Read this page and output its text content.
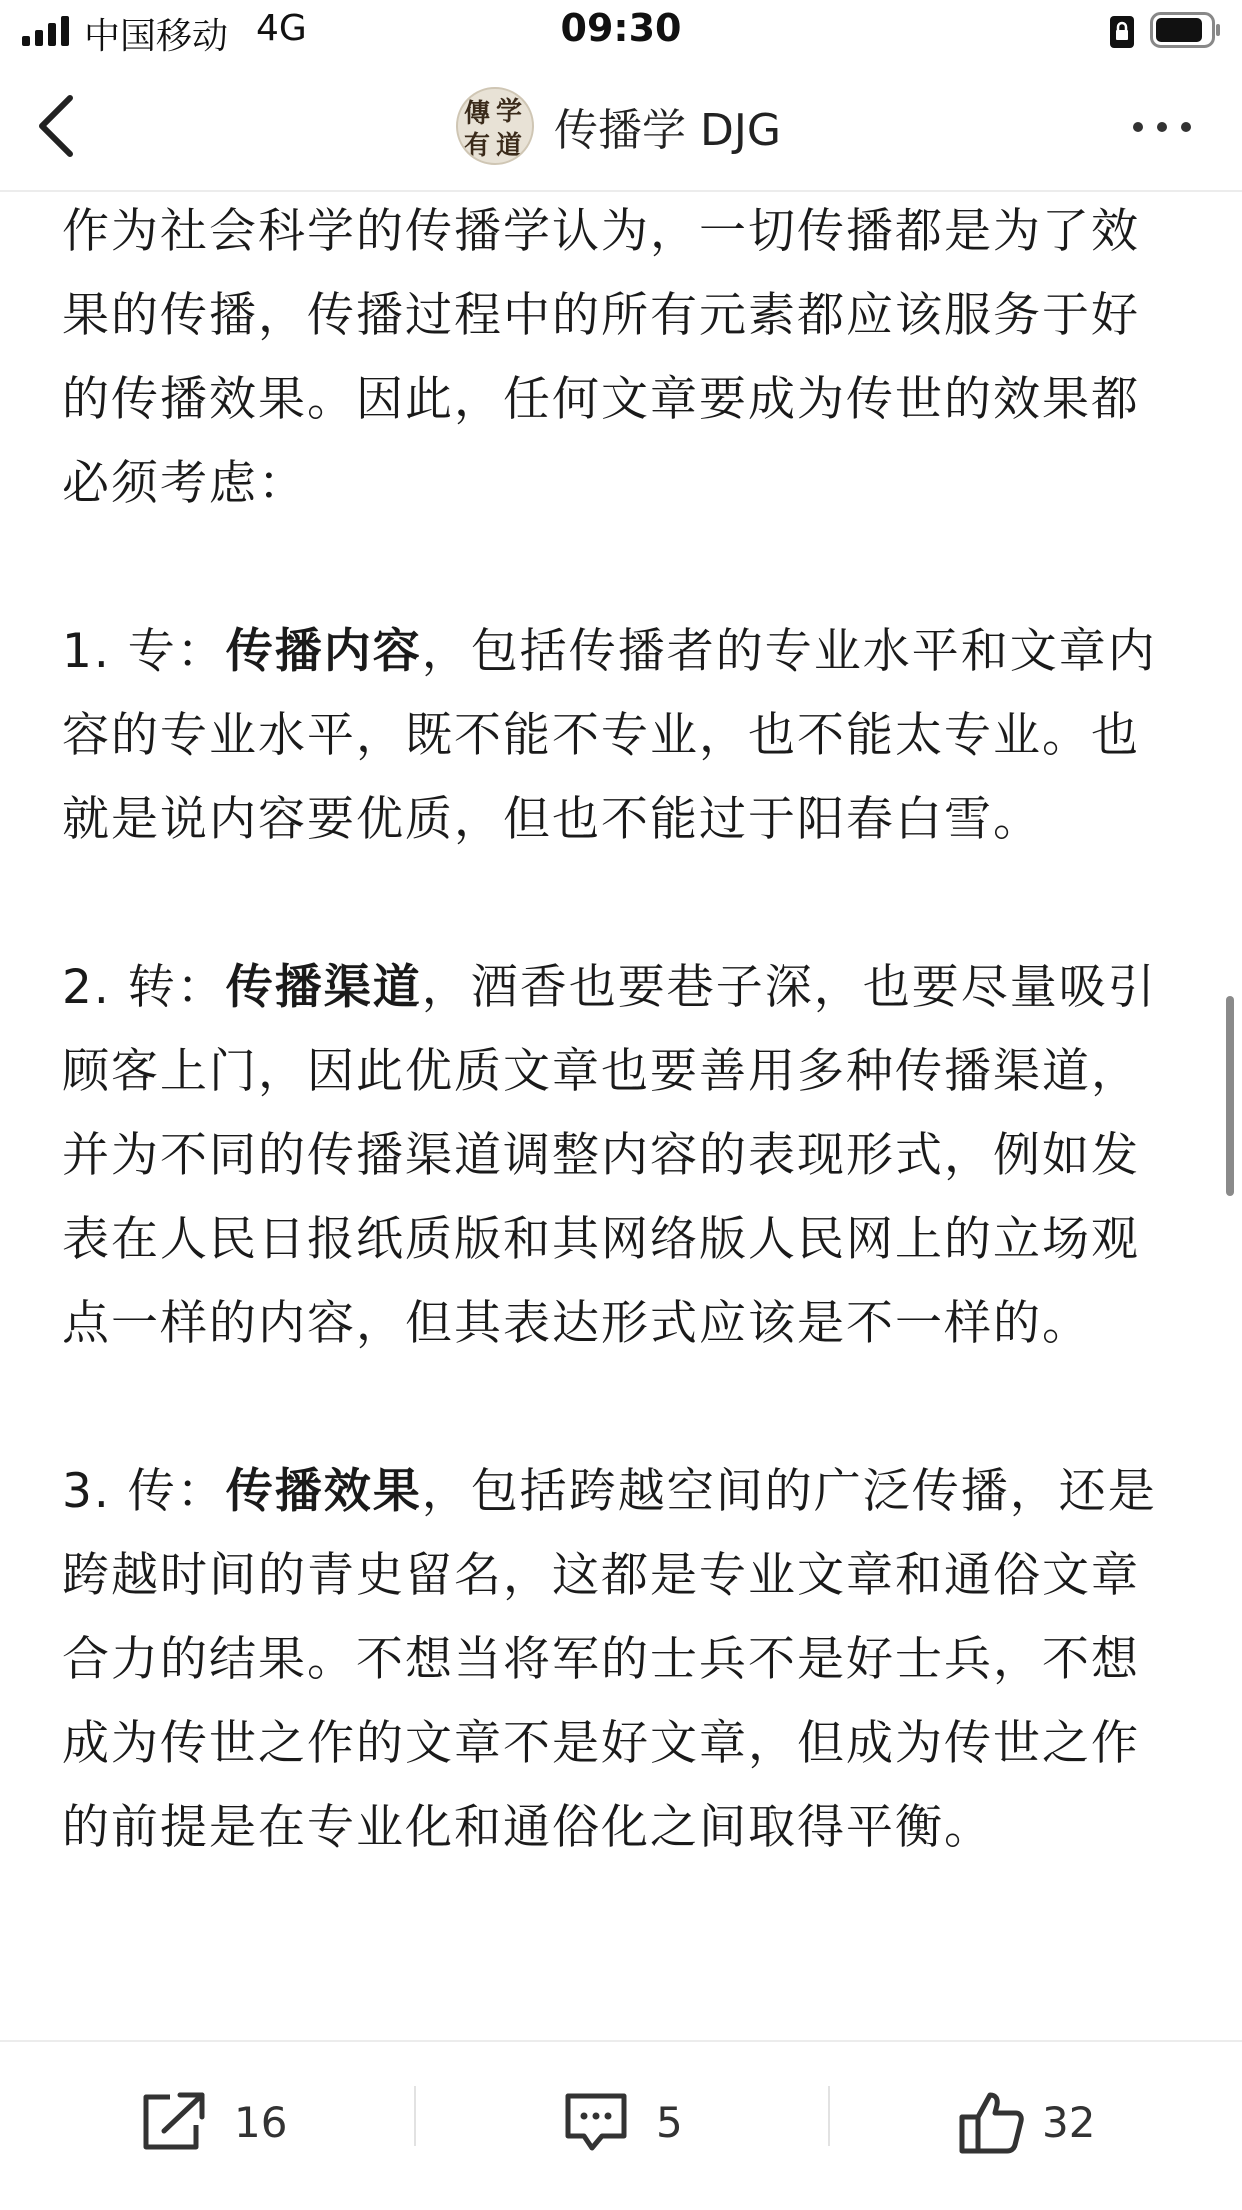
中国移动 4G	09:30
傳 学
有 道 传播学 DJG

作为社会科学的传播学认为，一切传播都是为了效果的传播，传播过程中的所有元素都应该服务于好的传播效果。因此，任何文章要成为传世的效果都必须考虑：

1. 专：传播内容，包括传播者的专业水平和文章内容的专业水平，既不能不专业，也不能太专业。也就是说内容要优质，但也不能过于阳春白雪。

2. 转：传播渠道，酒香也要巷子深，也要尽量吸引顾客上门，因此优质文章也要善用多种传播渠道，并为不同的传播渠道调整内容的表现形式，例如发表在人民日报纸质版和其网络版人民网上的立场观点一样的内容，但其表达形式应该是不一样的。

3. 传：传播效果，包括跨越空间的广泛传播，还是跨越时间的青史留名，这都是专业文章和通俗文章合力的结果。不想当将军的士兵不是好士兵，不想成为传世之作的文章不是好文章，但成为传世之作的前提是在专业化和通俗化之间取得平衡。

16	5	32
